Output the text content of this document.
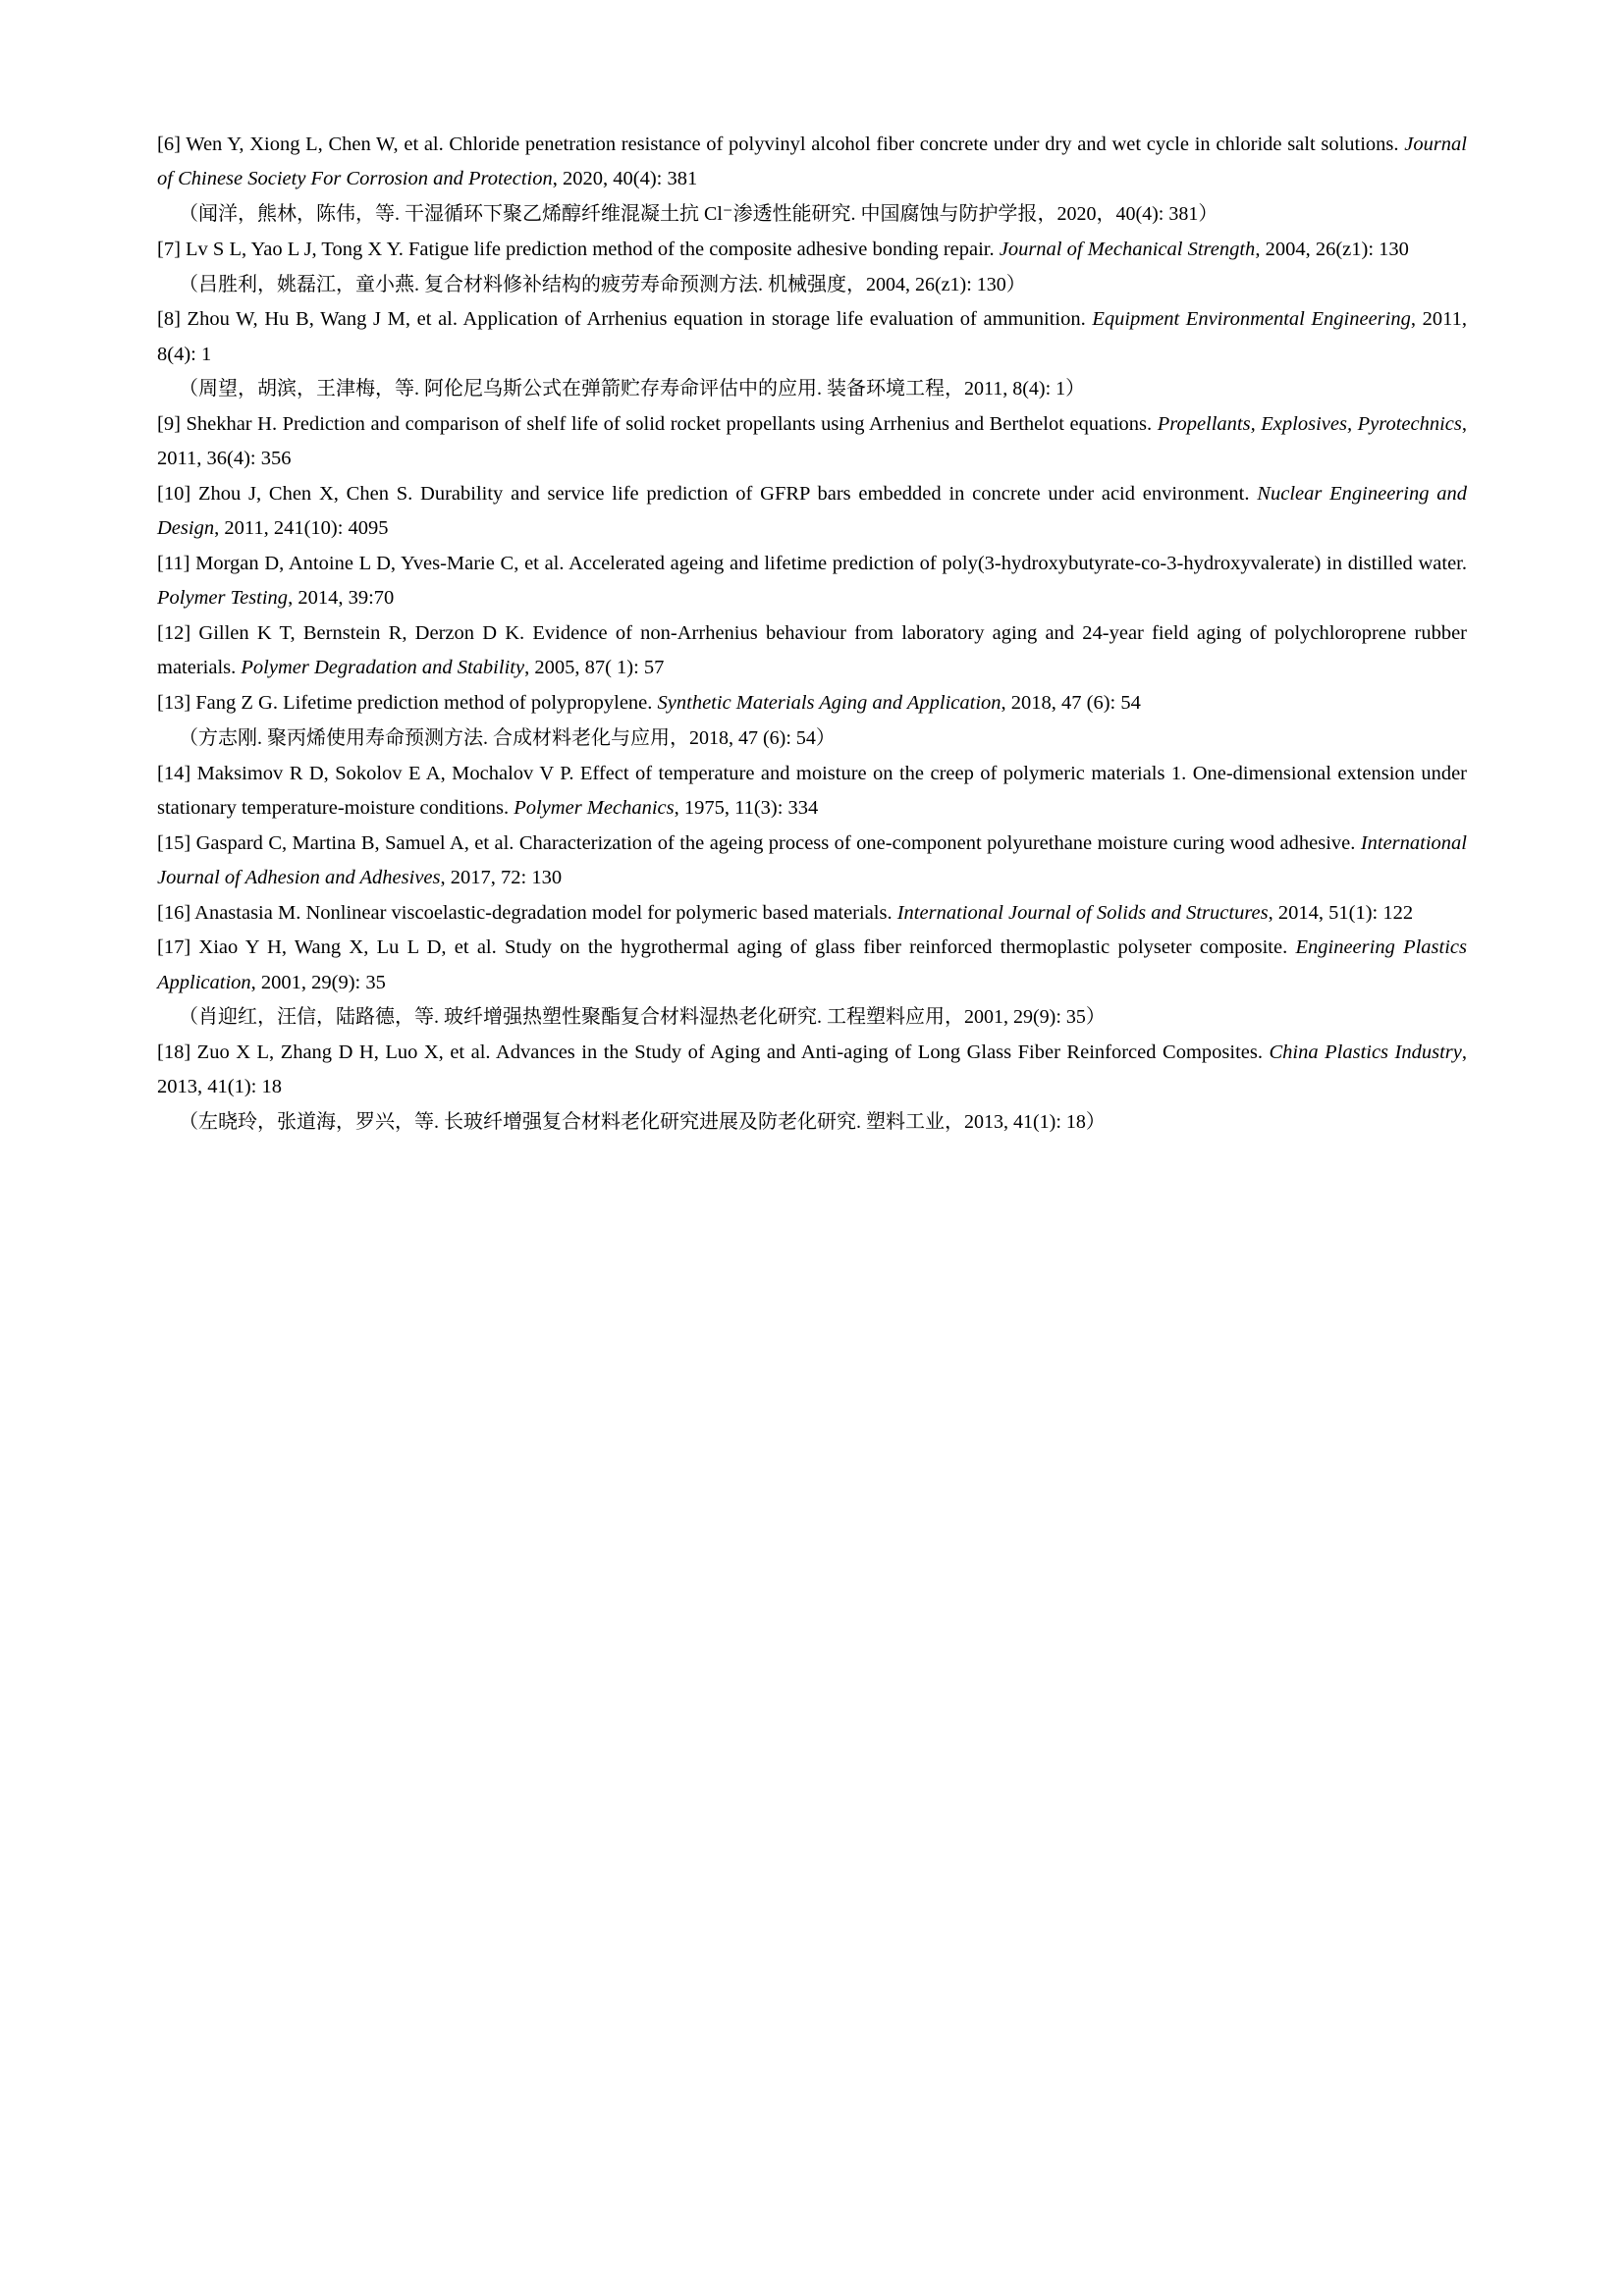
[6] Wen Y, Xiong L, Chen W, et al. Chloride penetration resistance of polyvinyl alcohol fiber concrete under dry and wet cycle in chloride salt solutions. Journal of Chinese Society For Corrosion and Protection, 2020, 40(4): 381

（闻洋，熊林，陈伟，等. 干湿循环下聚乙烯醇纤维混凝土抗 Cl⁻渗透性能研究. 中国腐蚀与防护学报，2020，40(4): 381）

[7] Lv S L, Yao L J, Tong X Y. Fatigue life prediction method of the composite adhesive bonding repair. Journal of Mechanical Strength, 2004, 26(z1): 130

（吕胜利，姚磊江，童小燕. 复合材料修补结构的疲劳寿命预测方法. 机械强度，2004, 26(z1): 130）

[8] Zhou W, Hu B, Wang J M, et al. Application of Arrhenius equation in storage life evaluation of ammunition. Equipment Environmental Engineering, 2011, 8(4): 1

（周望，胡滨，王津梅，等. 阿伦尼乌斯公式在弹箭贮存寿命评估中的应用. 装备环境工程，2011, 8(4): 1）

[9] Shekhar H. Prediction and comparison of shelf life of solid rocket propellants using Arrhenius and Berthelot equations. Propellants, Explosives, Pyrotechnics, 2011, 36(4): 356

[10] Zhou J, Chen X, Chen S. Durability and service life prediction of GFRP bars embedded in concrete under acid environment. Nuclear Engineering and Design, 2011, 241(10): 4095

[11] Morgan D, Antoine L D, Yves-Marie C, et al. Accelerated ageing and lifetime prediction of poly(3-hydroxybutyrate-co-3-hydroxyvalerate) in distilled water. Polymer Testing, 2014, 39:70

[12] Gillen K T, Bernstein R, Derzon D K. Evidence of non-Arrhenius behaviour from laboratory aging and 24-year field aging of polychloroprene rubber materials. Polymer Degradation and Stability, 2005, 87( 1): 57

[13] Fang Z G. Lifetime prediction method of polypropylene. Synthetic Materials Aging and Application, 2018, 47 (6): 54

（方志刚. 聚丙烯使用寿命预测方法. 合成材料老化与应用，2018, 47 (6): 54）

[14] Maksimov R D, Sokolov E A, Mochalov V P. Effect of temperature and moisture on the creep of polymeric materials 1. One-dimensional extension under stationary temperature-moisture conditions. Polymer Mechanics, 1975, 11(3): 334

[15] Gaspard C, Martina B, Samuel A, et al. Characterization of the ageing process of one-component polyurethane moisture curing wood adhesive. International Journal of Adhesion and Adhesives, 2017, 72: 130

[16] Anastasia M. Nonlinear viscoelastic-degradation model for polymeric based materials. International Journal of Solids and Structures, 2014, 51(1): 122

[17] Xiao Y H, Wang X, Lu L D, et al. Study on the hygrothermal aging of glass fiber reinforced thermoplastic polyseter composite. Engineering Plastics Application, 2001, 29(9): 35

（肖迎红，汪信，陆路德，等. 玻纤增强热塑性聚酯复合材料湿热老化研究. 工程塑料应用，2001, 29(9): 35）

[18] Zuo X L, Zhang D H, Luo X, et al. Advances in the Study of Aging and Anti-aging of Long Glass Fiber Reinforced Composites. China Plastics Industry, 2013, 41(1): 18

（左晓玲，张道海，罗兴，等. 长玻纤增强复合材料老化研究进展及防老化研究. 塑料工业，2013, 41(1): 18）
